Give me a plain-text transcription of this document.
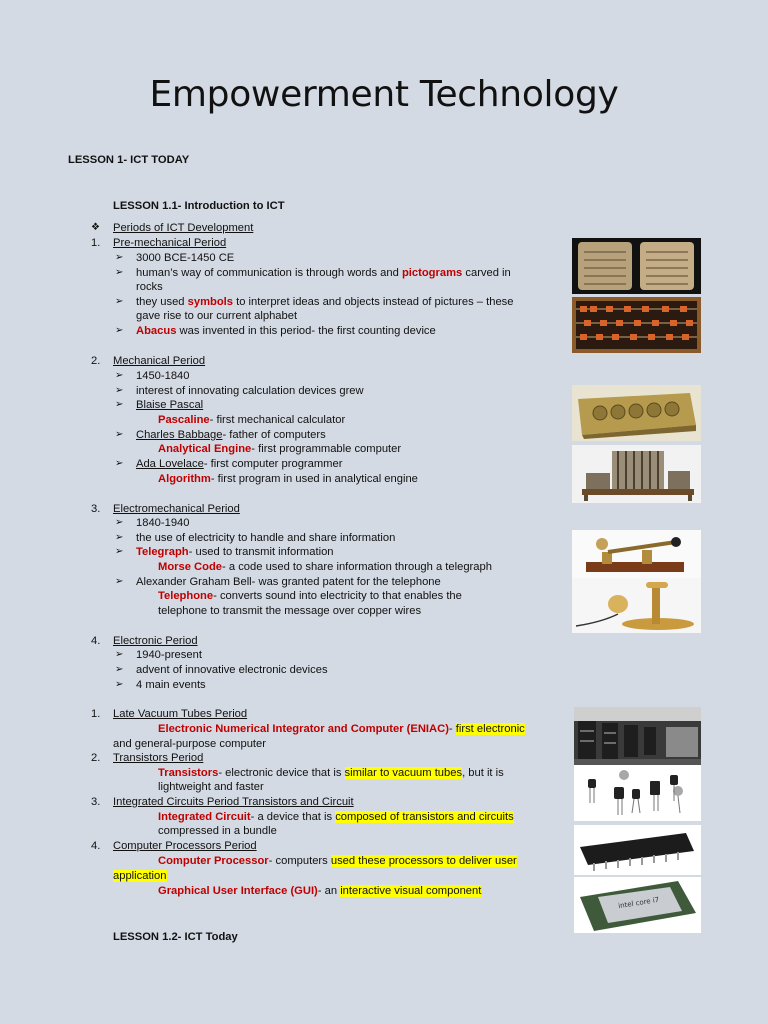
Empowerment Technology
LESSON 1- ICT TODAY
LESSON 1.1- Introduction to ICT
❖ Periods of ICT Development
1. Pre-mechanical Period
➢ 3000 BCE-1450 CE
➢ human’s way of communication is through words and pictograms carved in
rocks
➢ they used symbols to interpret ideas and objects instead of pictures – these
gave rise to our current alphabet
➢ Abacus was invented in this period- the first counting device
2. Mechanical Period
➢ 1450-1840
➢ interest of innovating calculation devices grew
➢ Blaise Pascal
Pascaline- first mechanical calculator
➢ Charles Babbage- father of computers
Analytical Engine- first programmable computer
➢ Ada Lovelace- first computer programmer
Algorithm- first program in used in analytical engine
3. Electromechanical Period
➢ 1840-1940
➢ the use of electricity to handle and share information
➢ Telegraph- used to transmit information
Morse Code- a code used to share information through a telegraph
➢ Alexander Graham Bell- was granted patent for the telephone
Telephone- converts sound into electricity to that enables the
telephone to transmit the message over copper wires
4. Electronic Period
➢ 1940-present
➢ advent of innovative electronic devices
➢ 4 main events
1. Late Vacuum Tubes Period
Electronic Numerical Integrator and Computer (ENIAC)- first electronic
and general-purpose computer
2. Transistors Period
Transistors- electronic device that is similar to vacuum tubes, but it is
lightweight and faster
3. Integrated Circuits Period Transistors and Circuit
Integrated Circuit- a device that is composed of transistors and circuits
compressed in a bundle
4. Computer Processors Period
Computer Processor- computers used these processors to deliver user
application
Graphical User Interface (GUI)- an interactive visual component
LESSON 1.2- ICT Today
intel core i7
